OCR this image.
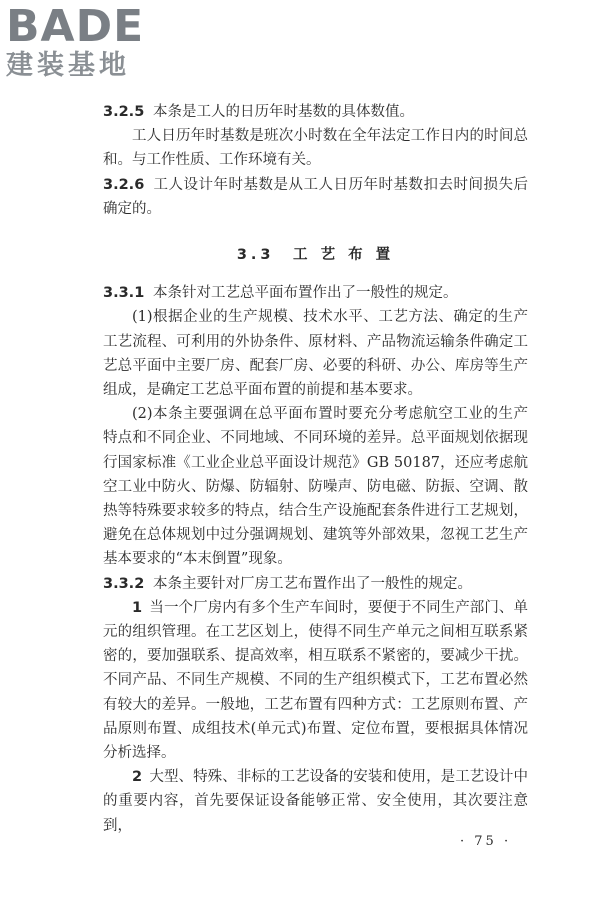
BADE
建装基地

3.2.5 本条是工人的日历年时基数的具体数值。

工人日历年时基数是班次小时数在全年法定工作日内的时间总和。与工作性质、工作环境有关。

3.2.6 工人设计年时基数是从工人日历年时基数扣去时间损失后确定的。

3.3　工 艺 布 置

3.3.1 本条针对工艺总平面布置作出了一般性的规定。

(1)根据企业的生产规模、技术水平、工艺方法、确定的生产工艺流程、可利用的外协条件、原材料、产品物流运输条件确定工艺总平面中主要厂房、配套厂房、必要的科研、办公、库房等生产组成，是确定工艺总平面布置的前提和基本要求。

(2)本条主要强调在总平面布置时要充分考虑航空工业的生产特点和不同企业、不同地域、不同环境的差异。总平面规划依据现行国家标准《工业企业总平面设计规范》GB 50187，还应考虑航空工业中防火、防爆、防辐射、防噪声、防电磁、防振、空调、散热等特殊要求较多的特点，结合生产设施配套条件进行工艺规划，避免在总体规划中过分强调规划、建筑等外部效果，忽视工艺生产基本要求的“本末倒置”现象。

3.3.2 本条主要针对厂房工艺布置作出了一般性的规定。

1 当一个厂房内有多个生产车间时，要便于不同生产部门、单元的组织管理。在工艺区划上，使得不同生产单元之间相互联系紧密的，要加强联系、提高效率，相互联系不紧密的，要减少干扰。不同产品、不同生产规模、不同的生产组织模式下，工艺布置必然有较大的差异。一般地，工艺布置有四种方式：工艺原则布置、产品原则布置、成组技术(单元式)布置、定位布置，要根据具体情况分析选择。

2 大型、特殊、非标的工艺设备的安装和使用，是工艺设计中的重要内容，首先要保证设备能够正常、安全使用，其次要注意到，

· 75 ·
